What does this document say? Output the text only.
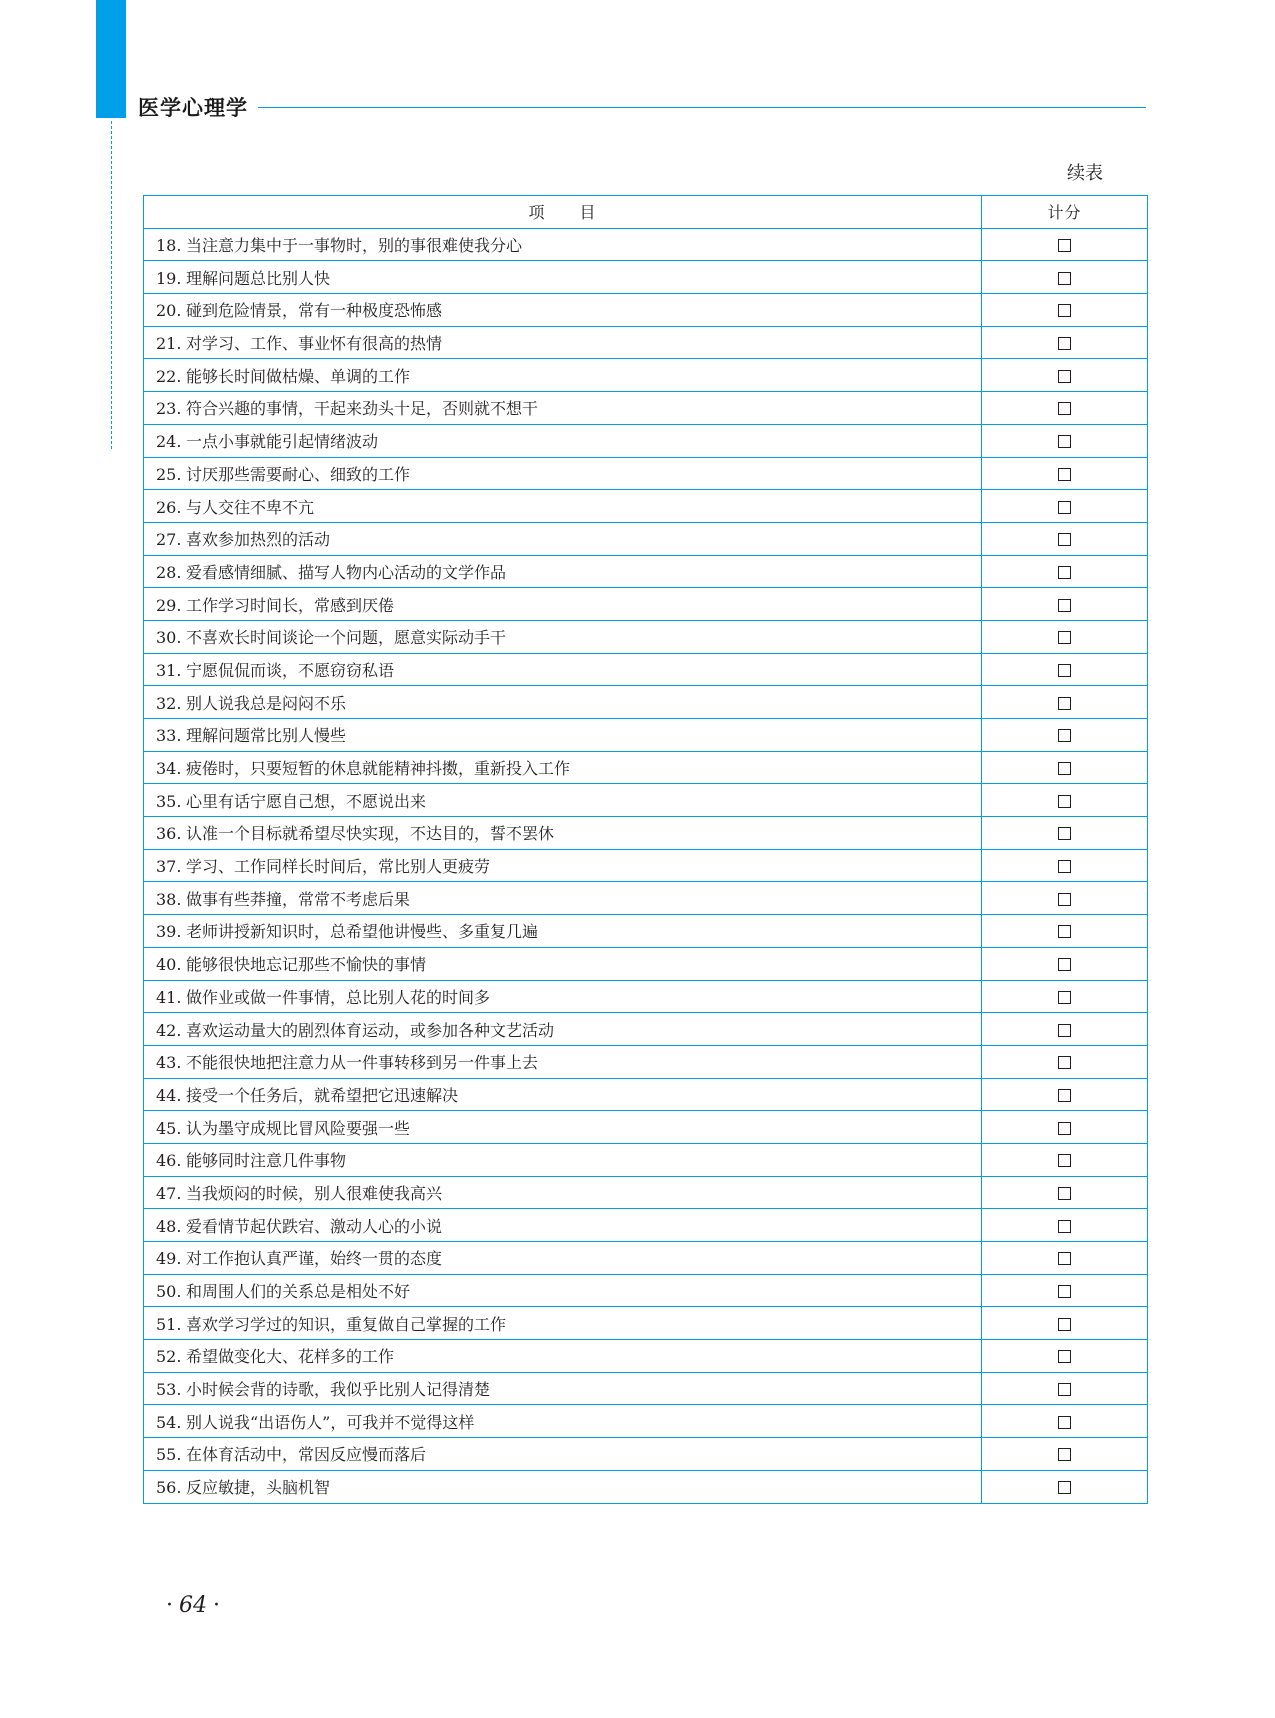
医学心理学
续表
项　　目	计分
18. 当注意力集中于一事物时，别的事很难使我分心	
19. 理解问题总比别人快	
20. 碰到危险情景，常有一种极度恐怖感	
21. 对学习、工作、事业怀有很高的热情	
22. 能够长时间做枯燥、单调的工作	
23. 符合兴趣的事情，干起来劲头十足，否则就不想干	
24. 一点小事就能引起情绪波动	
25. 讨厌那些需要耐心、细致的工作	
26. 与人交往不卑不亢	
27. 喜欢参加热烈的活动	
28. 爱看感情细腻、描写人物内心活动的文学作品	
29. 工作学习时间长，常感到厌倦	
30. 不喜欢长时间谈论一个问题，愿意实际动手干	
31. 宁愿侃侃而谈，不愿窃窃私语	
32. 别人说我总是闷闷不乐	
33. 理解问题常比别人慢些	
34. 疲倦时，只要短暂的休息就能精神抖擞，重新投入工作	
35. 心里有话宁愿自己想，不愿说出来	
36. 认准一个目标就希望尽快实现，不达目的，誓不罢休	
37. 学习、工作同样长时间后，常比别人更疲劳	
38. 做事有些莽撞，常常不考虑后果	
39. 老师讲授新知识时，总希望他讲慢些、多重复几遍	
40. 能够很快地忘记那些不愉快的事情	
41. 做作业或做一件事情，总比别人花的时间多	
42. 喜欢运动量大的剧烈体育运动，或参加各种文艺活动	
43. 不能很快地把注意力从一件事转移到另一件事上去	
44. 接受一个任务后，就希望把它迅速解决	
45. 认为墨守成规比冒风险要强一些	
46. 能够同时注意几件事物	
47. 当我烦闷的时候，别人很难使我高兴	
48. 爱看情节起伏跌宕、激动人心的小说	
49. 对工作抱认真严谨，始终一贯的态度	
50. 和周围人们的关系总是相处不好	
51. 喜欢学习学过的知识，重复做自己掌握的工作	
52. 希望做变化大、花样多的工作	
53. 小时候会背的诗歌，我似乎比别人记得清楚	
54. 别人说我“出语伤人”，可我并不觉得这样	
55. 在体育活动中，常因反应慢而落后	
56. 反应敏捷，头脑机智	
· 64 ·
